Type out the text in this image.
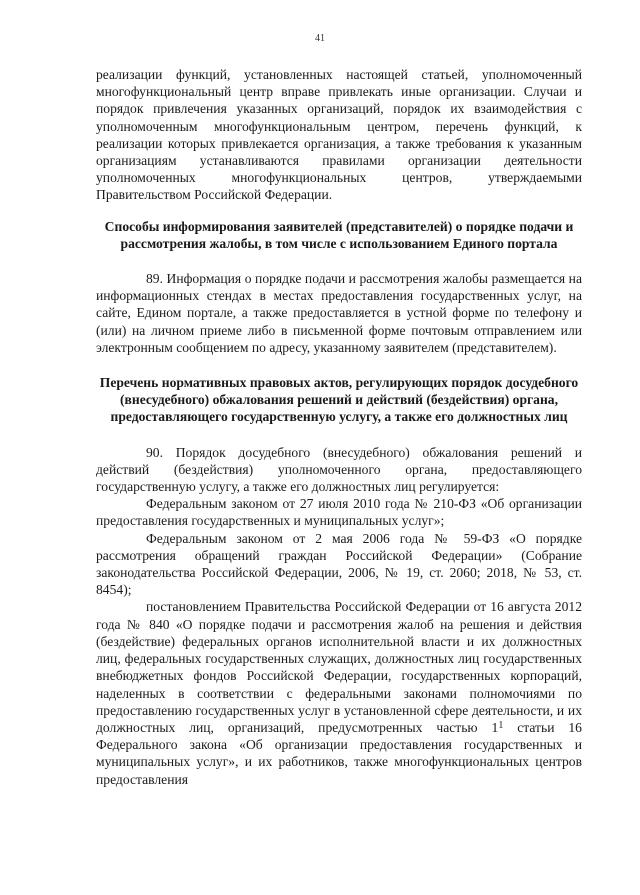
41

реализации функций, установленных настоящей статьей, уполномоченный многофункциональный центр вправе привлекать иные организации. Случаи и порядок привлечения указанных организаций, порядок их взаимодействия с уполномоченным многофункциональным центром, перечень функций, к реализации которых привлекается организация, а также требования к указанным организациям устанавливаются правилами организации деятельности уполномоченных многофункциональных центров, утверждаемыми Правительством Российской Федерации.

Способы информирования заявителей (представителей) о порядке подачи и рассмотрения жалобы, в том числе с использованием Единого портала

89. Информация о порядке подачи и рассмотрения жалобы размещается на информационных стендах в местах предоставления государственных услуг, на сайте, Едином портале, а также предоставляется в устной форме по телефону и (или) на личном приеме либо в письменной форме почтовым отправлением или электронным сообщением по адресу, указанному заявителем (представителем).

Перечень нормативных правовых актов, регулирующих порядок досудебного (внесудебного) обжалования решений и действий (бездействия) органа, предоставляющего государственную услугу, а также его должностных лиц

90. Порядок досудебного (внесудебного) обжалования решений и действий (бездействия) уполномоченного органа, предоставляющего государственную услугу, а также его должностных лиц регулируется:

Федеральным законом от 27 июля 2010 года № 210-ФЗ «Об организации предоставления государственных и муниципальных услуг»;

Федеральным законом от 2 мая 2006 года № 59-ФЗ «О порядке рассмотрения обращений граждан Российской Федерации» (Собрание законодательства Российской Федерации, 2006, № 19, ст. 2060; 2018, № 53, ст. 8454);

постановлением Правительства Российской Федерации от 16 августа 2012 года № 840 «О порядке подачи и рассмотрения жалоб на решения и действия (бездействие) федеральных органов исполнительной власти и их должностных лиц, федеральных государственных служащих, должностных лиц государственных внебюджетных фондов Российской Федерации, государственных корпораций, наделенных в соответствии с федеральными законами полномочиями по предоставлению государственных услуг в установленной сфере деятельности, и их должностных лиц, организаций, предусмотренных частью $1^1$ статьи 16 Федерального закона «Об организации предоставления государственных и муниципальных услуг», и их работников, также многофункциональных центров предоставления
